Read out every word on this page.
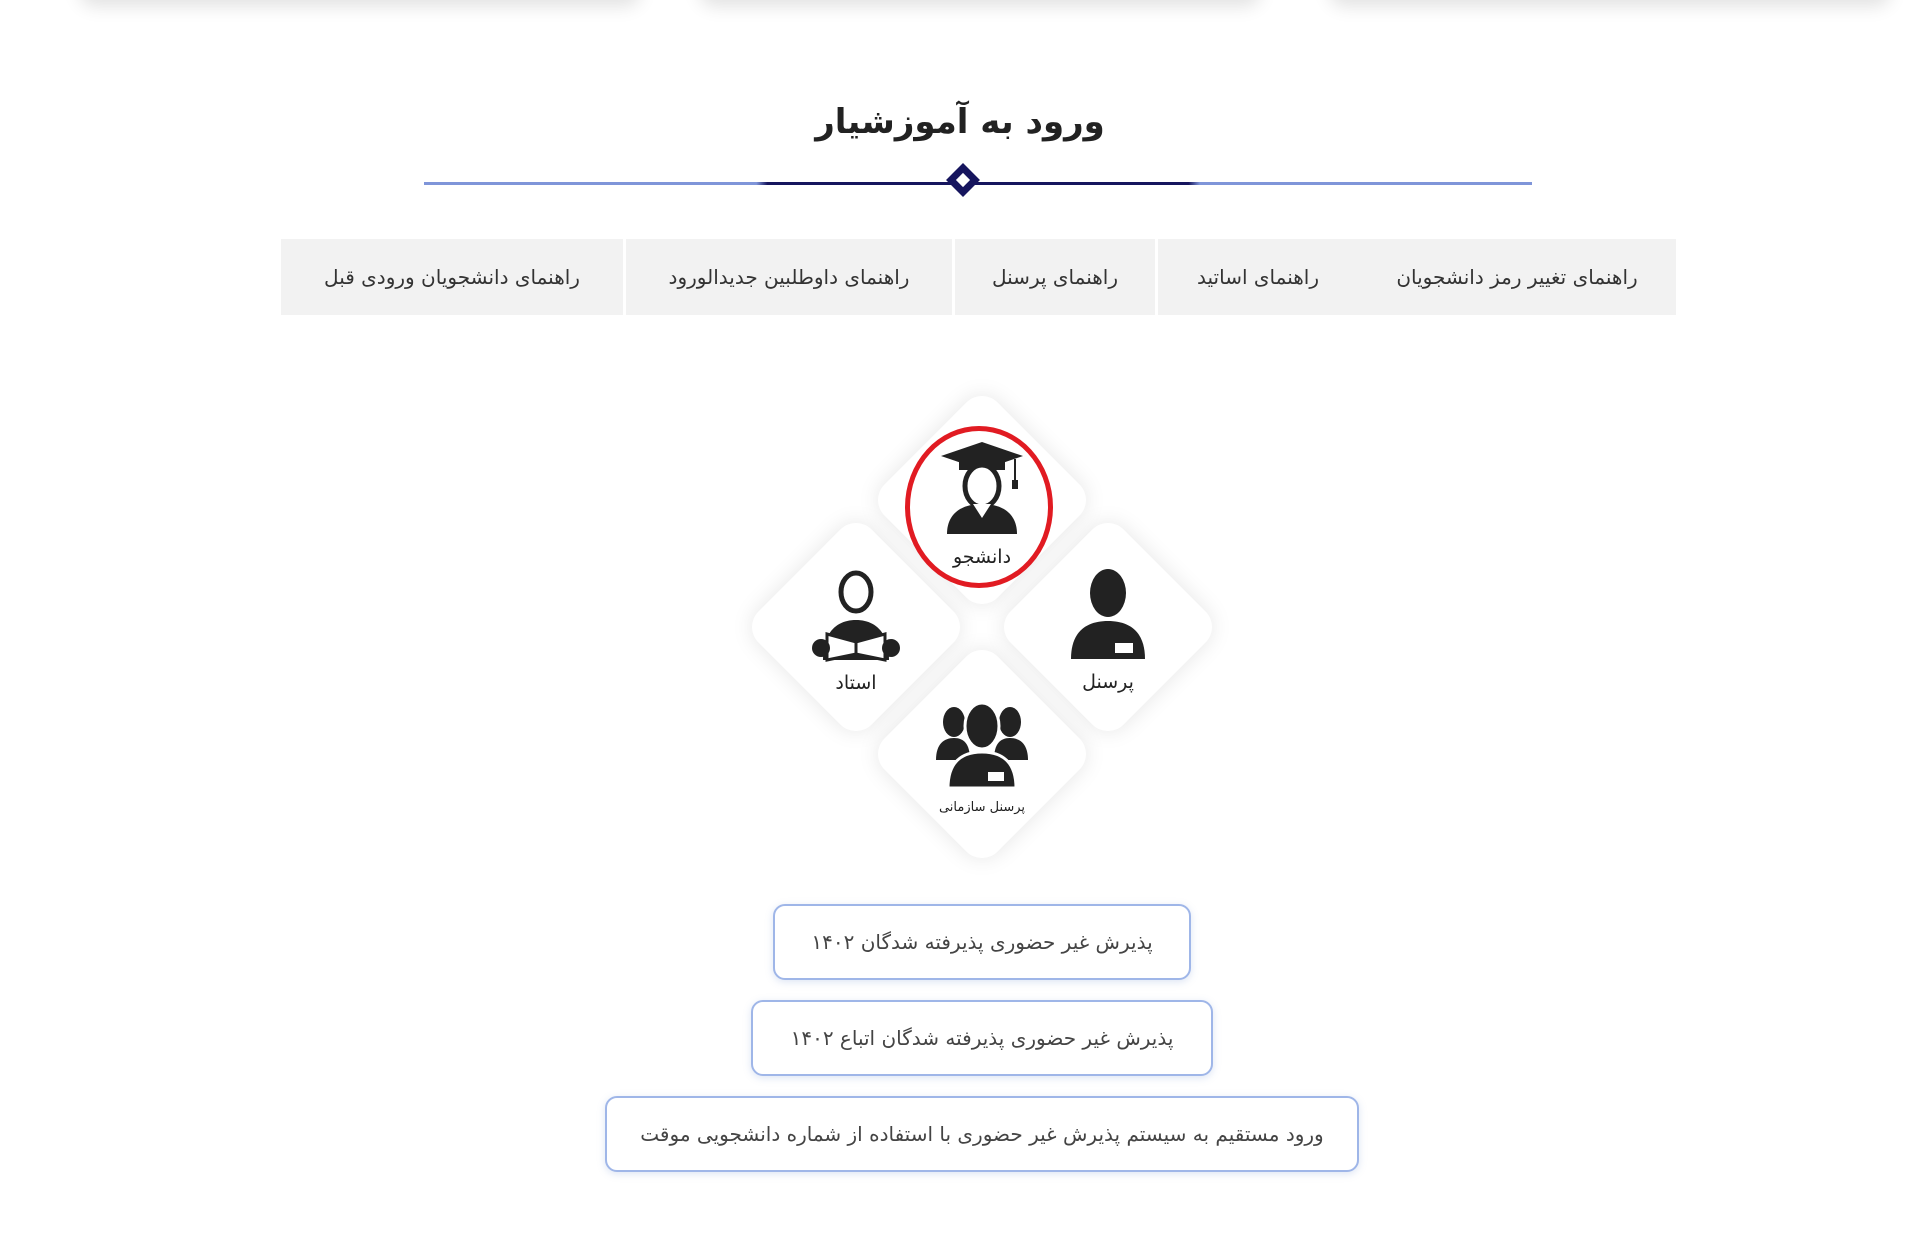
ورود به آموزشیار
راهنمای دانشجویان ورودی قبل	راهنمای داوطلبین جدیدالورود	راهنمای پرسنل	راهنمای اساتید	راهنمای تغییر رمز دانشجویان
دانشجو
استاد	پرسنل
پرسنل سازمانی
پذیرش غیر حضوری پذیرفته شدگان ۱۴۰۲
پذیرش غیر حضوری پذیرفته شدگان اتباع ۱۴۰۲
ورود مستقیم به سیستم پذیرش غیر حضوری با استفاده از شماره دانشجویی موقت
